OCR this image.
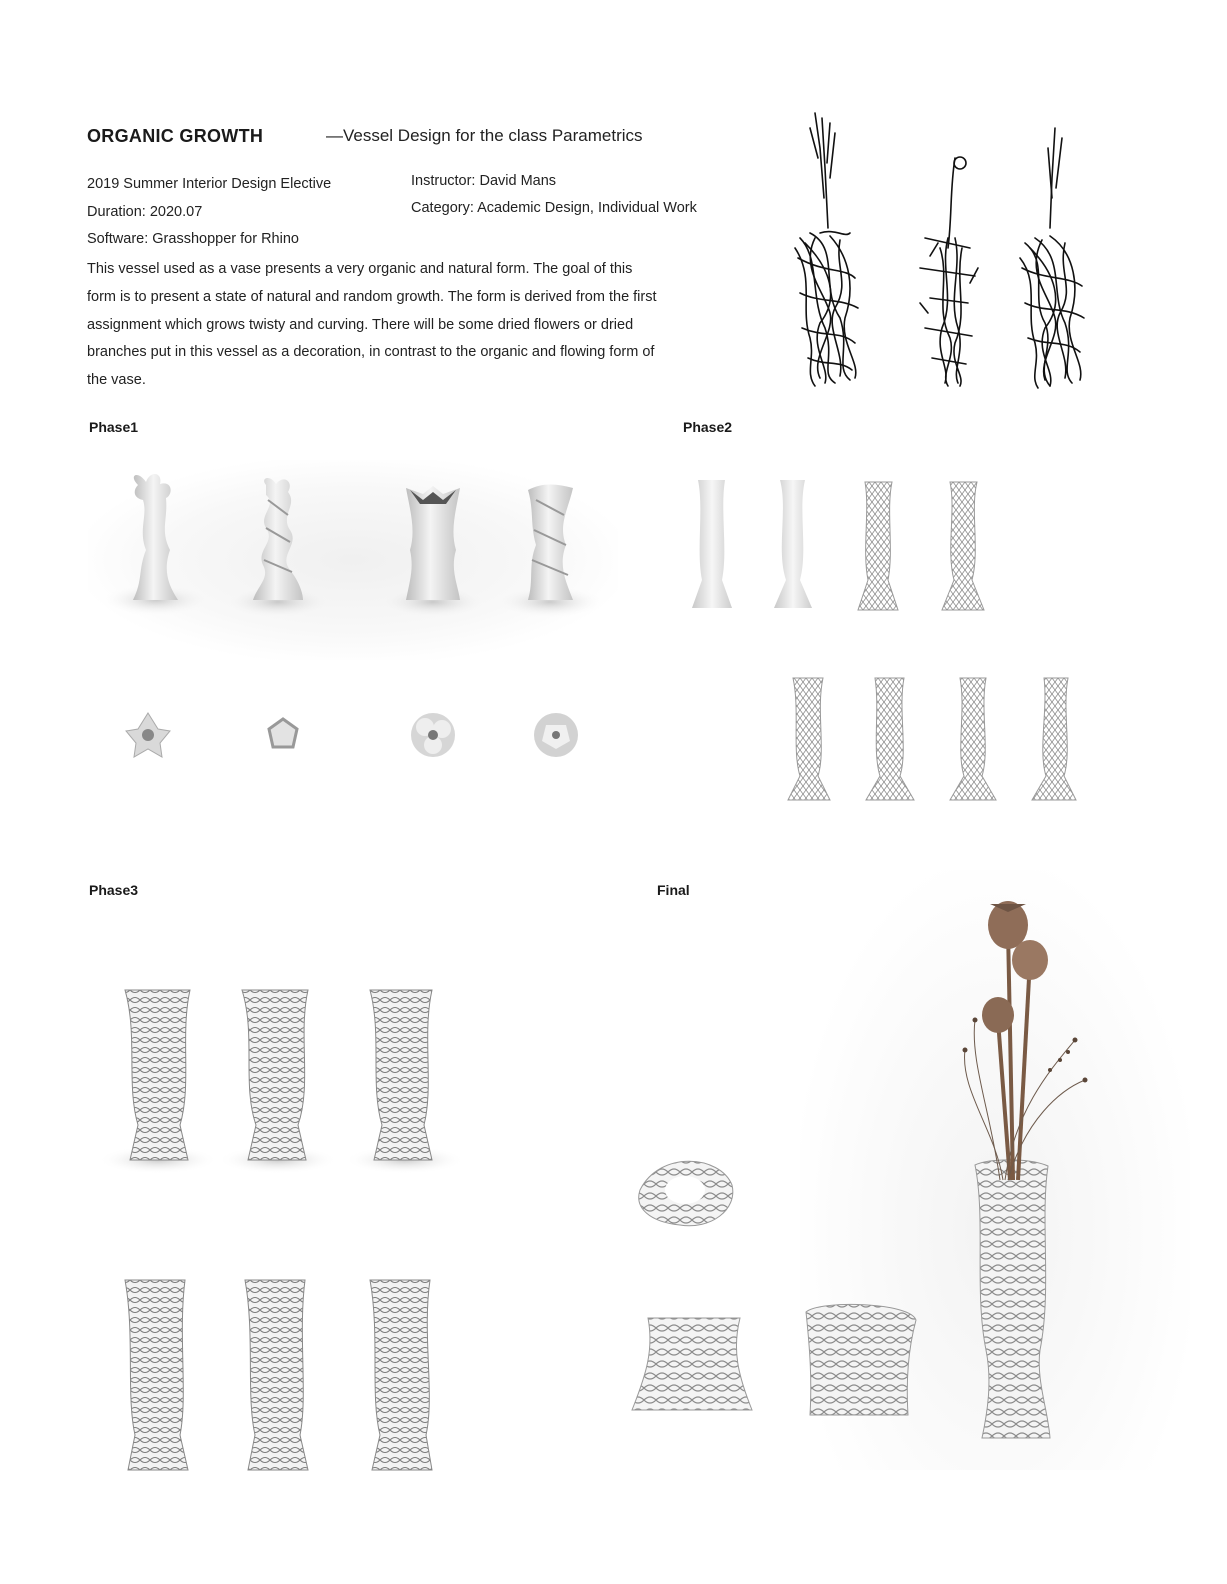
ORGANIC GROWTH	—Vessel Design for the class Parametrics
2019 Summer Interior Design Elective
Duration: 2020.07
Software: Grasshopper for Rhino
Instructor: David Mans
Category: Academic Design, Individual Work
This vessel used as a vase presents a very organic and natural form. The goal of this form is to present a state of natural and random growth. The form is derived from the first assignment which grows twisty and curving. There will be some dried flowers or dried branches put in this vessel as a decoration, in contrast to the organic and flowing form of the vase.
Phase1	Phase2
Phase3	Final
